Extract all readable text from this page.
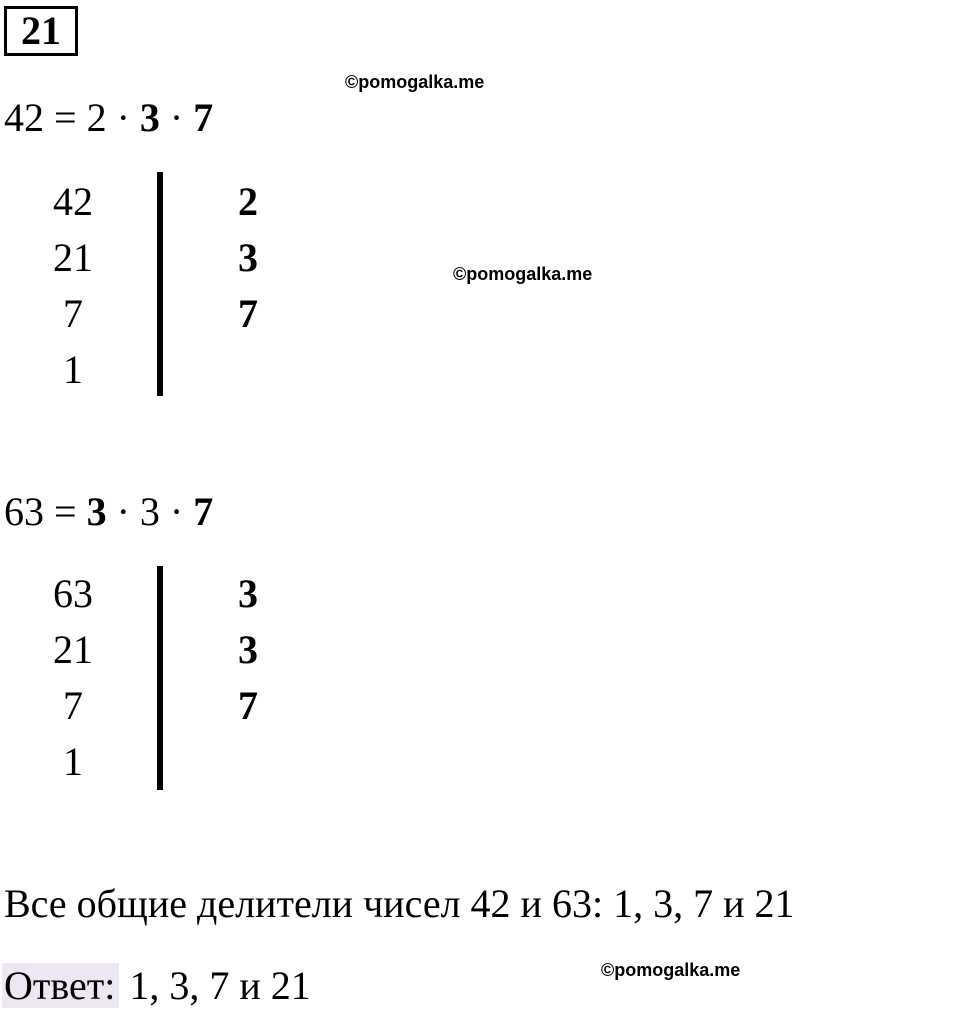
21
©pomogalka.me
©pomogalka.me
©pomogalka.me
42 = 2 · 3 · 7
42
21
7
1
2
3
7
63 = 3 · 3 · 7
63
21
7
1
3
3
7
Все общие делители чисел 42 и 63: 1, 3, 7 и 21
Ответ: 1, 3, 7 и 21
